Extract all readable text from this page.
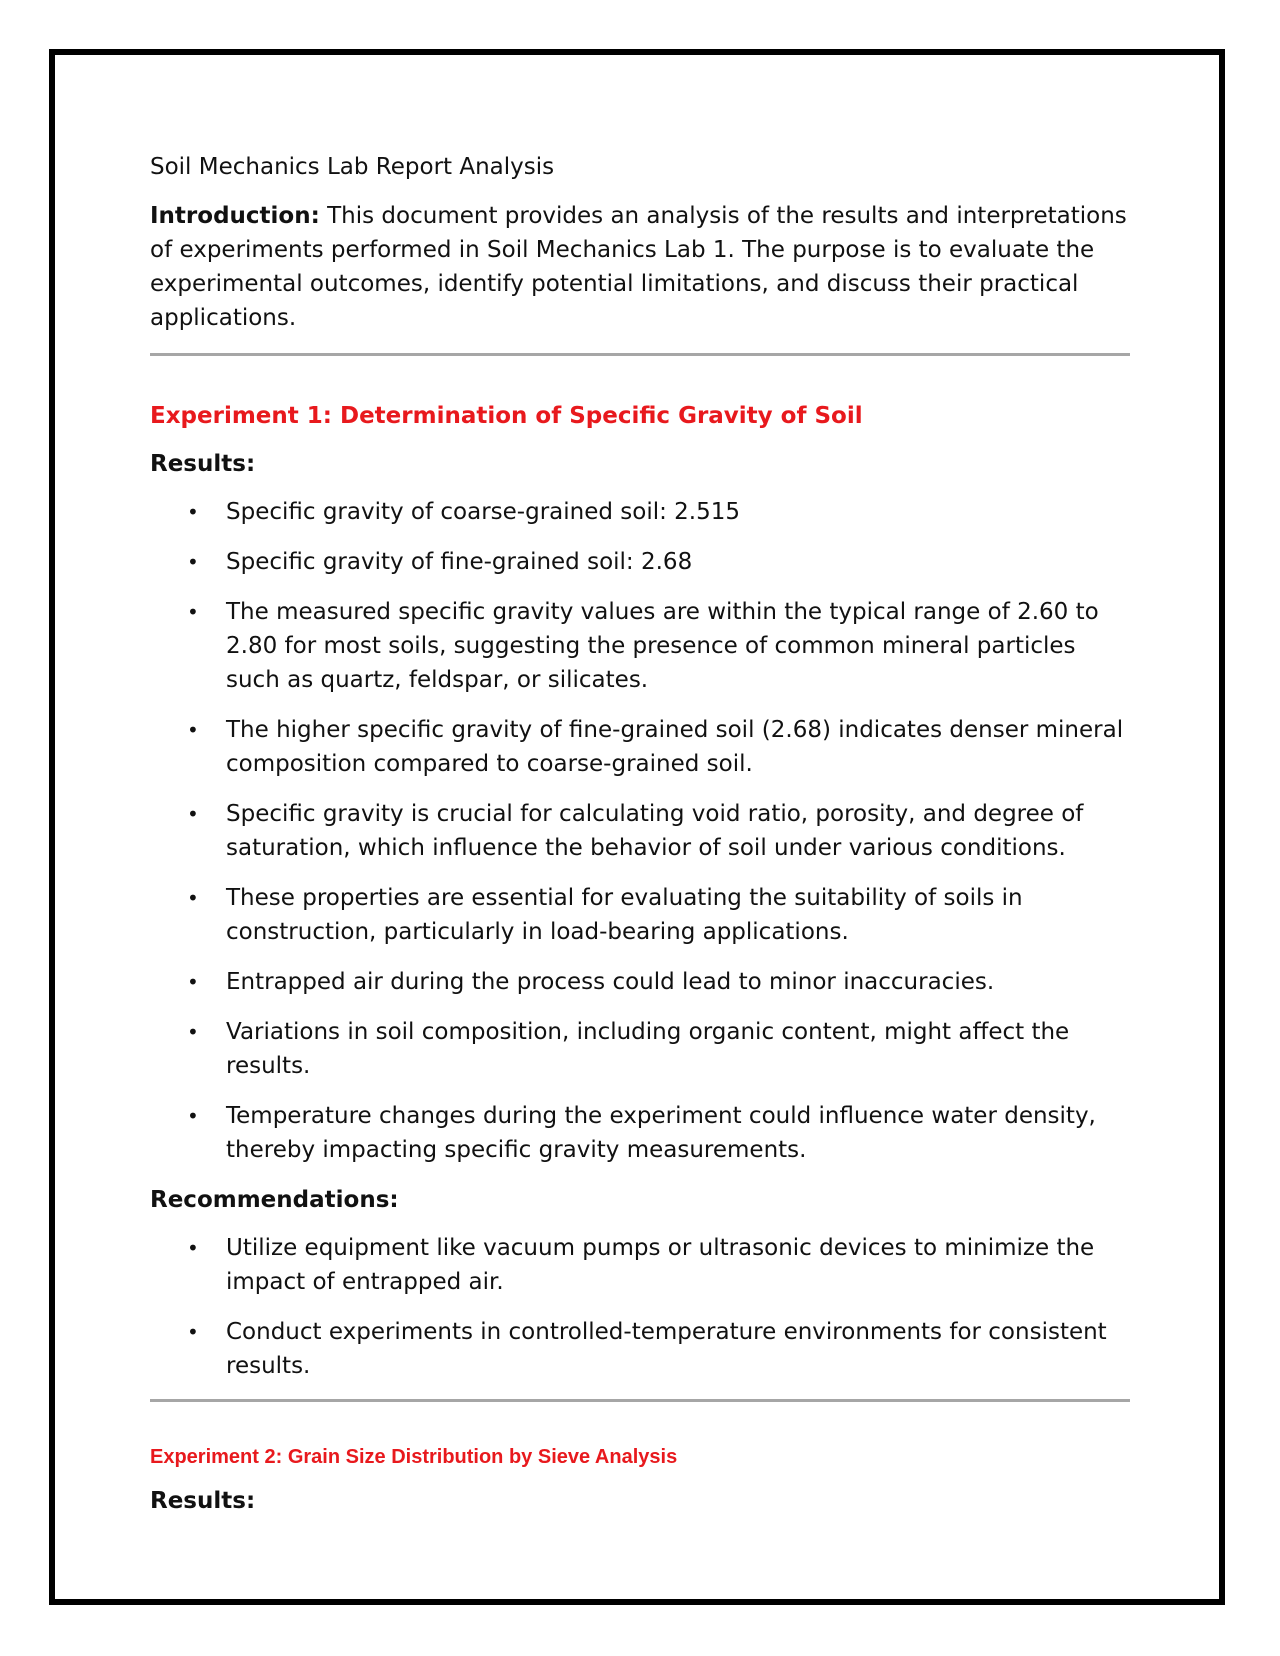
Soil Mechanics Lab Report Analysis

Introduction: This document provides an analysis of the results and interpretations of experiments performed in Soil Mechanics Lab 1. The purpose is to evaluate the experimental outcomes, identify potential limitations, and discuss their practical applications.

Experiment 1: Determination of Specific Gravity of Soil
Results:
• Specific gravity of coarse-grained soil: 2.515
• Specific gravity of fine-grained soil: 2.68
• The measured specific gravity values are within the typical range of 2.60 to 2.80 for most soils, suggesting the presence of common mineral particles such as quartz, feldspar, or silicates.
• The higher specific gravity of fine-grained soil (2.68) indicates denser mineral composition compared to coarse-grained soil.
• Specific gravity is crucial for calculating void ratio, porosity, and degree of saturation, which influence the behavior of soil under various conditions.
• These properties are essential for evaluating the suitability of soils in construction, particularly in load-bearing applications.
• Entrapped air during the process could lead to minor inaccuracies.
• Variations in soil composition, including organic content, might affect the results.
• Temperature changes during the experiment could influence water density, thereby impacting specific gravity measurements.
Recommendations:
• Utilize equipment like vacuum pumps or ultrasonic devices to minimize the impact of entrapped air.
• Conduct experiments in controlled-temperature environments for consistent results.
Experiment 2: Grain Size Distribution by Sieve Analysis
Results:
